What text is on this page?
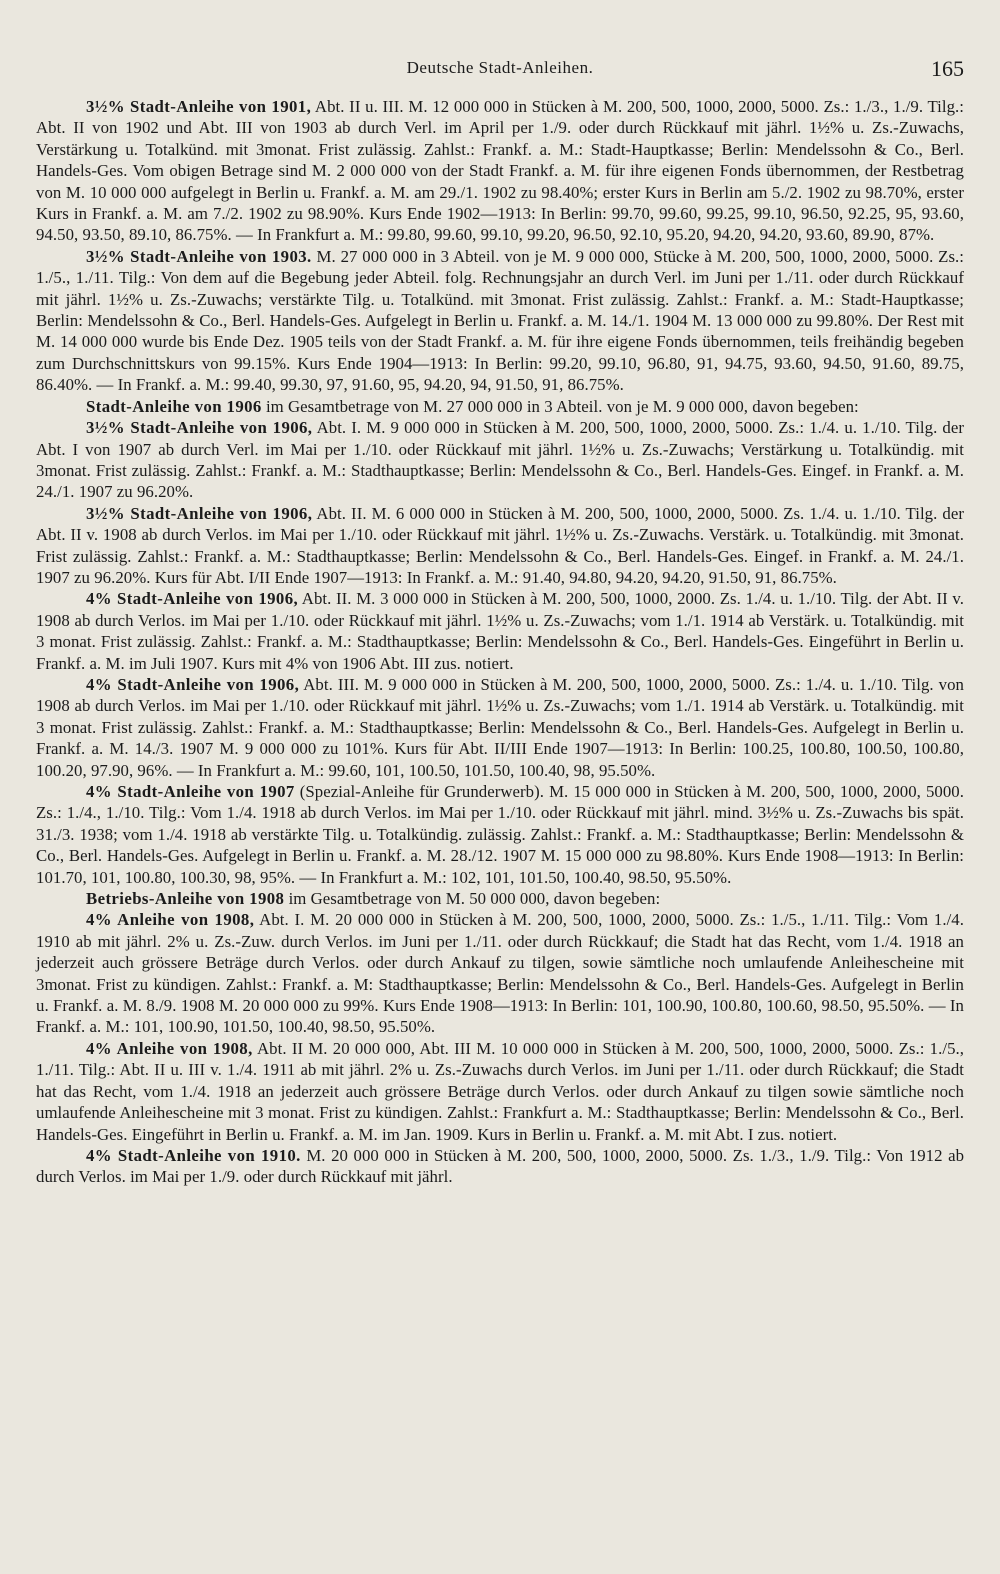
Deutsche Stadt-Anleihen.	165

3½% Stadt-Anleihe von 1901, Abt. II u. III. M. 12 000 000 in Stücken à M. 200, 500, 1000, 2000, 5000. Zs.: 1./3., 1./9. Tilg.: Abt. II von 1902 und Abt. III von 1903 ab durch Verl. im April per 1./9. oder durch Rückkauf mit jährl. 1½% u. Zs.-Zuwachs, Verstärkung u. Totalkünd. mit 3monat. Frist zulässig. Zahlst.: Frankf. a. M.: Stadt-Hauptkasse; Berlin: Mendelssohn & Co., Berl. Handels-Ges. Vom obigen Betrage sind M. 2 000 000 von der Stadt Frankf. a. M. für ihre eigenen Fonds übernommen, der Restbetrag von M. 10 000 000 aufgelegt in Berlin u. Frankf. a. M. am 29./1. 1902 zu 98.40%; erster Kurs in Berlin am 5./2. 1902 zu 98.70%, erster Kurs in Frankf. a. M. am 7./2. 1902 zu 98.90%. Kurs Ende 1902—1913: In Berlin: 99.70, 99.60, 99.25, 99.10, 96.50, 92.25, 95, 93.60, 94.50, 93.50, 89.10, 86.75%. — In Frankfurt a. M.: 99.80, 99.60, 99.10, 99.20, 96.50, 92.10, 95.20, 94.20, 94.20, 93.60, 89.90, 87%.

3½% Stadt-Anleihe von 1903. M. 27 000 000 in 3 Abteil. von je M. 9 000 000, Stücke à M. 200, 500, 1000, 2000, 5000. Zs.: 1./5., 1./11. Tilg.: Von dem auf die Begebung jeder Abteil. folg. Rechnungsjahr an durch Verl. im Juni per 1./11. oder durch Rückkauf mit jährl. 1½% u. Zs.-Zuwachs; verstärkte Tilg. u. Totalkünd. mit 3monat. Frist zulässig. Zahlst.: Frankf. a. M.: Stadt-Hauptkasse; Berlin: Mendelssohn & Co., Berl. Handels-Ges. Aufgelegt in Berlin u. Frankf. a. M. 14./1. 1904 M. 13 000 000 zu 99.80%. Der Rest mit M. 14 000 000 wurde bis Ende Dez. 1905 teils von der Stadt Frankf. a. M. für ihre eigene Fonds übernommen, teils freihändig begeben zum Durchschnittskurs von 99.15%. Kurs Ende 1904—1913: In Berlin: 99.20, 99.10, 96.80, 91, 94.75, 93.60, 94.50, 91.60, 89.75, 86.40%. — In Frankf. a. M.: 99.40, 99.30, 97, 91.60, 95, 94.20, 94, 91.50, 91, 86.75%.

Stadt-Anleihe von 1906 im Gesamtbetrage von M. 27 000 000 in 3 Abteil. von je M. 9 000 000, davon begeben:

3½% Stadt-Anleihe von 1906, Abt. I. M. 9 000 000 in Stücken à M. 200, 500, 1000, 2000, 5000. Zs.: 1./4. u. 1./10. Tilg. der Abt. I von 1907 ab durch Verl. im Mai per 1./10. oder Rückkauf mit jährl. 1½% u. Zs.-Zuwachs; Verstärkung u. Totalkündig. mit 3monat. Frist zulässig. Zahlst.: Frankf. a. M.: Stadthauptkasse; Berlin: Mendelssohn & Co., Berl. Handels-Ges. Eingef. in Frankf. a. M. 24./1. 1907 zu 96.20%.

3½% Stadt-Anleihe von 1906, Abt. II. M. 6 000 000 in Stücken à M. 200, 500, 1000, 2000, 5000. Zs. 1./4. u. 1./10. Tilg. der Abt. II v. 1908 ab durch Verlos. im Mai per 1./10. oder Rückkauf mit jährl. 1½% u. Zs.-Zuwachs. Verstärk. u. Totalkündig. mit 3monat. Frist zulässig. Zahlst.: Frankf. a. M.: Stadthauptkasse; Berlin: Mendelssohn & Co., Berl. Handels-Ges. Eingef. in Frankf. a. M. 24./1. 1907 zu 96.20%. Kurs für Abt. I/II Ende 1907—1913: In Frankf. a. M.: 91.40, 94.80, 94.20, 94.20, 91.50, 91, 86.75%.

4% Stadt-Anleihe von 1906, Abt. II. M. 3 000 000 in Stücken à M. 200, 500, 1000, 2000. Zs. 1./4. u. 1./10. Tilg. der Abt. II v. 1908 ab durch Verlos. im Mai per 1./10. oder Rückkauf mit jährl. 1½% u. Zs.-Zuwachs; vom 1./1. 1914 ab Verstärk. u. Totalkündig. mit 3 monat. Frist zulässig. Zahlst.: Frankf. a. M.: Stadthauptkasse; Berlin: Mendelssohn & Co., Berl. Handels-Ges. Eingeführt in Berlin u. Frankf. a. M. im Juli 1907. Kurs mit 4% von 1906 Abt. III zus. notiert.

4% Stadt-Anleihe von 1906, Abt. III. M. 9 000 000 in Stücken à M. 200, 500, 1000, 2000, 5000. Zs.: 1./4. u. 1./10. Tilg. von 1908 ab durch Verlos. im Mai per 1./10. oder Rückkauf mit jährl. 1½% u. Zs.-Zuwachs; vom 1./1. 1914 ab Verstärk. u. Totalkündig. mit 3 monat. Frist zulässig. Zahlst.: Frankf. a. M.: Stadthauptkasse; Berlin: Mendelssohn & Co., Berl. Handels-Ges. Aufgelegt in Berlin u. Frankf. a. M. 14./3. 1907 M. 9 000 000 zu 101%. Kurs für Abt. II/III Ende 1907—1913: In Berlin: 100.25, 100.80, 100.50, 100.80, 100.20, 97.90, 96%. — In Frankfurt a. M.: 99.60, 101, 100.50, 101.50, 100.40, 98, 95.50%.

4% Stadt-Anleihe von 1907 (Spezial-Anleihe für Grunderwerb). M. 15 000 000 in Stücken à M. 200, 500, 1000, 2000, 5000. Zs.: 1./4., 1./10. Tilg.: Vom 1./4. 1918 ab durch Verlos. im Mai per 1./10. oder Rückkauf mit jährl. mind. 3½% u. Zs.-Zuwachs bis spät. 31./3. 1938; vom 1./4. 1918 ab verstärkte Tilg. u. Totalkündig. zulässig. Zahlst.: Frankf. a. M.: Stadthauptkasse; Berlin: Mendelssohn & Co., Berl. Handels-Ges. Aufgelegt in Berlin u. Frankf. a. M. 28./12. 1907 M. 15 000 000 zu 98.80%. Kurs Ende 1908—1913: In Berlin: 101.70, 101, 100.80, 100.30, 98, 95%. — In Frankfurt a. M.: 102, 101, 101.50, 100.40, 98.50, 95.50%.

Betriebs-Anleihe von 1908 im Gesamtbetrage von M. 50 000 000, davon begeben:

4% Anleihe von 1908, Abt. I. M. 20 000 000 in Stücken à M. 200, 500, 1000, 2000, 5000. Zs.: 1./5., 1./11. Tilg.: Vom 1./4. 1910 ab mit jährl. 2% u. Zs.-Zuw. durch Verlos. im Juni per 1./11. oder durch Rückkauf; die Stadt hat das Recht, vom 1./4. 1918 an jederzeit auch grössere Beträge durch Verlos. oder durch Ankauf zu tilgen, sowie sämtliche noch umlaufende Anleihescheine mit 3monat. Frist zu kündigen. Zahlst.: Frankf. a. M: Stadthauptkasse; Berlin: Mendelssohn & Co., Berl. Handels-Ges. Aufgelegt in Berlin u. Frankf. a. M. 8./9. 1908 M. 20 000 000 zu 99%. Kurs Ende 1908—1913: In Berlin: 101, 100.90, 100.80, 100.60, 98.50, 95.50%. — In Frankf. a. M.: 101, 100.90, 101.50, 100.40, 98.50, 95.50%.

4% Anleihe von 1908, Abt. II M. 20 000 000, Abt. III M. 10 000 000 in Stücken à M. 200, 500, 1000, 2000, 5000. Zs.: 1./5., 1./11. Tilg.: Abt. II u. III v. 1./4. 1911 ab mit jährl. 2% u. Zs.-Zuwachs durch Verlos. im Juni per 1./11. oder durch Rückkauf; die Stadt hat das Recht, vom 1./4. 1918 an jederzeit auch grössere Beträge durch Verlos. oder durch Ankauf zu tilgen sowie sämtliche noch umlaufende Anleihescheine mit 3 monat. Frist zu kündigen. Zahlst.: Frankfurt a. M.: Stadthauptkasse; Berlin: Mendelssohn & Co., Berl. Handels-Ges. Eingeführt in Berlin u. Frankf. a. M. im Jan. 1909. Kurs in Berlin u. Frankf. a. M. mit Abt. I zus. notiert.

4% Stadt-Anleihe von 1910. M. 20 000 000 in Stücken à M. 200, 500, 1000, 2000, 5000. Zs. 1./3., 1./9. Tilg.: Von 1912 ab durch Verlos. im Mai per 1./9. oder durch Rückkauf mit jährl.
